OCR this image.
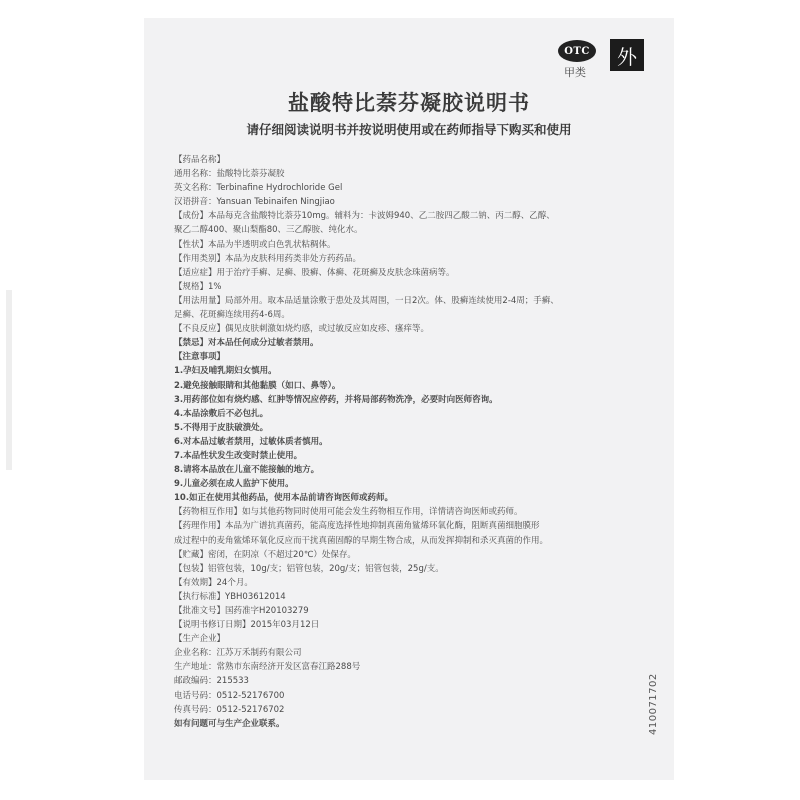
OTC
甲类
外
盐酸特比萘芬凝胶说明书
请仔细阅读说明书并按说明使用或在药师指导下购买和使用
【药品名称】
通用名称：盐酸特比萘芬凝胶
英文名称：Terbinafine Hydrochloride Gel
汉语拼音：Yansuan Tebinaifen Ningjiao
【成份】本品每克含盐酸特比萘芬10mg。辅料为：卡波姆940、乙二胺四乙酸二钠、丙二醇、乙醇、
聚乙二醇400、聚山梨酯80、三乙醇胺、纯化水。
【性状】本品为半透明或白色乳状粘稠体。
【作用类别】本品为皮肤科用药类非处方药药品。
【适应症】用于治疗手癣、足癣、股癣、体癣、花斑癣及皮肤念珠菌病等。
【规格】1%
【用法用量】局部外用。取本品适量涂敷于患处及其周围，一日2次。体、股癣连续使用2-4周；手癣、
足癣、花斑癣连续用药4-6周。
【不良反应】偶见皮肤刺激如烧灼感，或过敏反应如皮疹、瘙痒等。
【禁忌】对本品任何成分过敏者禁用。
【注意事项】
1.孕妇及哺乳期妇女慎用。
2.避免接触眼睛和其他黏膜（如口、鼻等）。
3.用药部位如有烧灼感、红肿等情况应停药，并将局部药物洗净，必要时向医师咨询。
4.本品涂敷后不必包扎。
5.不得用于皮肤破溃处。
6.对本品过敏者禁用，过敏体质者慎用。
7.本品性状发生改变时禁止使用。
8.请将本品放在儿童不能接触的地方。
9.儿童必须在成人监护下使用。
10.如正在使用其他药品，使用本品前请咨询医师或药师。
【药物相互作用】如与其他药物同时使用可能会发生药物相互作用，详情请咨询医师或药师。
【药理作用】本品为广谱抗真菌药，能高度选择性地抑制真菌角鲨烯环氧化酶，阻断真菌细胞膜形
成过程中的麦角鲨烯环氧化反应而干扰真菌固醇的早期生物合成，从而发挥抑制和杀灭真菌的作用。
【贮藏】密闭，在阴凉（不超过20℃）处保存。
【包装】铝管包装，10g/支；铝管包装，20g/支；铝管包装，25g/支。
【有效期】24个月。
【执行标准】YBH03612014
【批准文号】国药准字H20103279
【说明书修订日期】2015年03月12日
【生产企业】
企业名称：江苏万禾制药有限公司
生产地址：常熟市东南经济开发区富春江路288号
邮政编码：215533
电话号码：0512-52176700
传真号码：0512-52176702
如有问题可与生产企业联系。	410071702
